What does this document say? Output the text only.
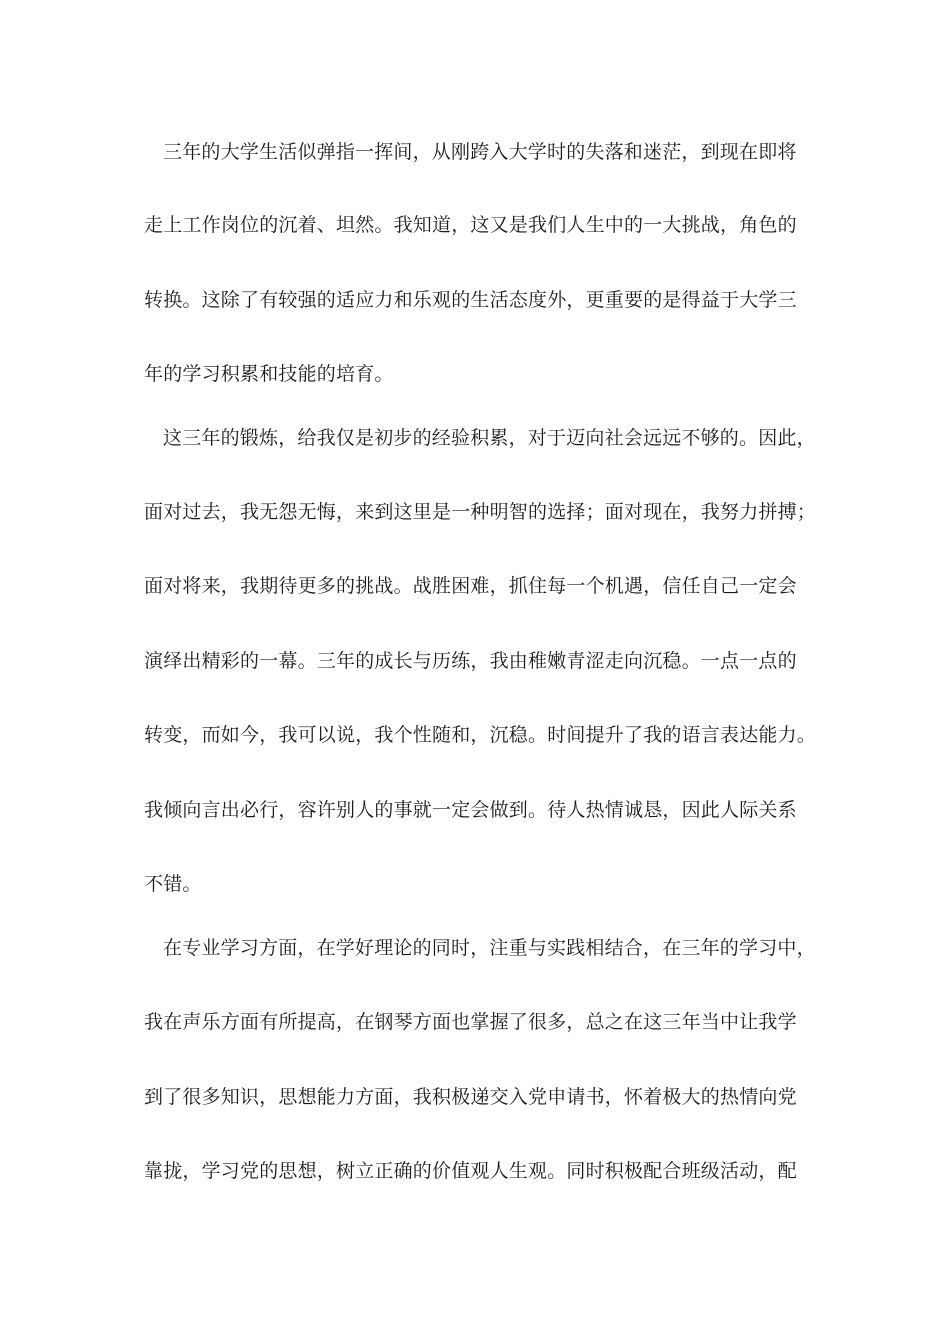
三年的大学生活似弹指一挥间，从刚跨入大学时的失落和迷茫，到现在即将
走上工作岗位的沉着、坦然。我知道，这又是我们人生中的一大挑战，角色的
转换。这除了有较强的适应力和乐观的生活态度外，更重要的是得益于大学三
年的学习积累和技能的培育。
这三年的锻炼，给我仅是初步的经验积累，对于迈向社会远远不够的。因此，
面对过去，我无怨无悔，来到这里是一种明智的选择；面对现在，我努力拼搏；
面对将来，我期待更多的挑战。战胜困难，抓住每一个机遇，信任自己一定会
演绎出精彩的一幕。三年的成长与历练，我由稚嫩青涩走向沉稳。一点一点的
转变，而如今，我可以说，我个性随和，沉稳。时间提升了我的语言表达能力。
我倾向言出必行，容许别人的事就一定会做到。待人热情诚恳，因此人际关系
不错。
在专业学习方面，在学好理论的同时，注重与实践相结合，在三年的学习中，
我在声乐方面有所提高，在钢琴方面也掌握了很多，总之在这三年当中让我学
到了很多知识，思想能力方面，我积极递交入党申请书，怀着极大的热情向党
靠拢，学习党的思想，树立正确的价值观人生观。同时积极配合班级活动，配
